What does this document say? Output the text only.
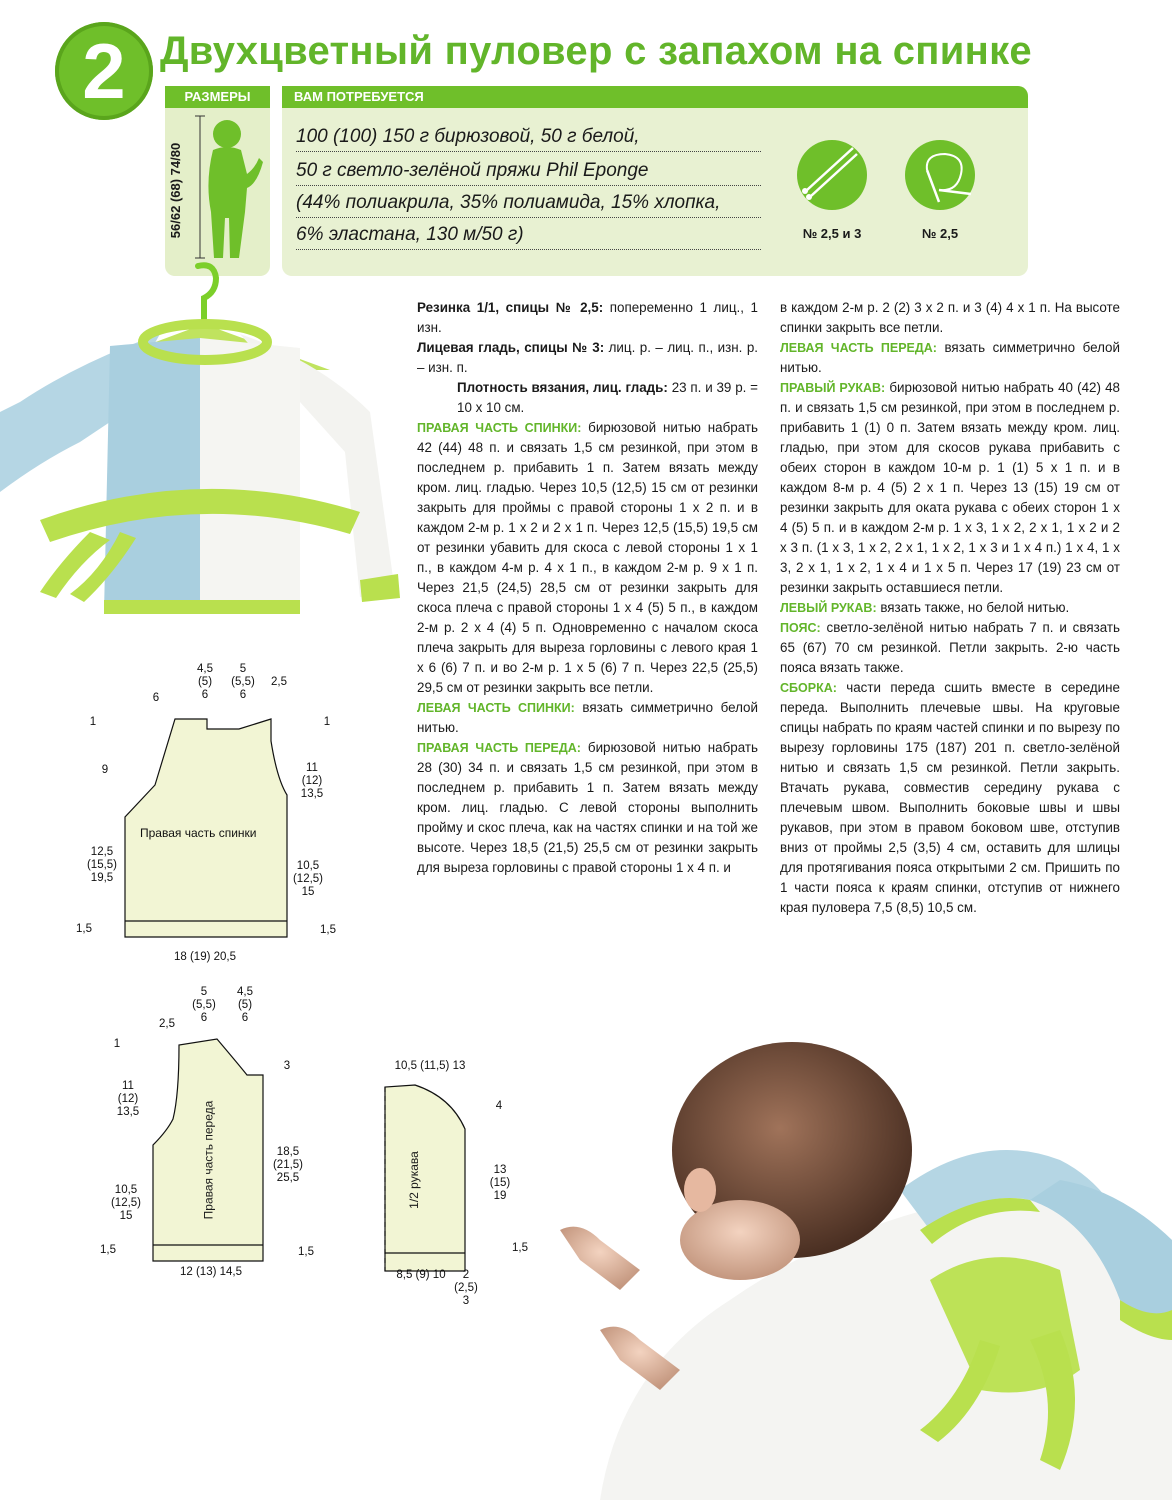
2 Двухцветный пуловер с запахом на спинке
РАЗМЕРЫ
56/62 (68) 74/80
ВАМ ПОТРЕБУЕТСЯ
100 (100) 150 г бирюзовой, 50 г белой,
50 г светло-зелёной пряжи Phil Eponge
(44% полиакрила, 35% полиамида, 15% хлопка,
6% эластана, 130 м/50 г)	№ 2,5 и 3	№ 2,5

Резинка 1/1, спицы № 2,5: попеременно 1 лиц., 1 изн.

Лицевая гладь, спицы № 3: лиц. р. – лиц. п., изн. р. – изн. п.

Плотность вязания, лиц. гладь: 23 п. и 39 р. = 10 х 10 см.

ПРАВАЯ ЧАСТЬ СПИНКИ: бирюзовой нитью набрать 42 (44) 48 п. и связать 1,5 см резинкой, при этом в последнем р. прибавить 1 п. Затем вязать между кром. лиц. гладью. Через 10,5 (12,5) 15 см от резинки закрыть для проймы с правой стороны 1 х 2 п. и в каждом 2-м р. 1 х 2 и 2 х 1 п. Через 12,5 (15,5) 19,5 см от резинки убавить для скоса с левой стороны 1 х 1 п., в каждом 4-м р. 4 х 1 п., в каждом 2-м р. 9 х 1 п. Через 21,5 (24,5) 28,5 см от резинки закрыть для скоса плеча с правой стороны 1 х 4 (5) 5 п., в каждом 2-м р. 2 х 4 (4) 5 п. Одновременно с началом скоса плеча закрыть для выреза горловины с левого края 1 х 6 (6) 7 п. и во 2-м р. 1 х 5 (6) 7 п. Через 22,5 (25,5) 29,5 см от резинки закрыть все петли.

ЛЕВАЯ ЧАСТЬ СПИНКИ: вязать симметрично белой нитью.

ПРАВАЯ ЧАСТЬ ПЕРЕДА: бирюзовой нитью набрать 28 (30) 34 п. и связать 1,5 см резинкой, при этом в последнем р. прибавить 1 п. Затем вязать между кром. лиц. гладью. С левой стороны выполнить пройму и скос плеча, как на частях спинки и на той же высоте. Через 18,5 (21,5) 25,5 см от резинки закрыть для выреза горловины с правой стороны 1 х 4 п. и

в каждом 2-м р. 2 (2) 3 х 2 п. и 3 (4) 4 х 1 п. На высоте спинки закрыть все петли.

ЛЕВАЯ ЧАСТЬ ПЕРЕДА: вязать симметрично белой нитью.

ПРАВЫЙ РУКАВ: бирюзовой нитью набрать 40 (42) 48 п. и связать 1,5 см резинкой, при этом в последнем р. прибавить 1 (1) 0 п. Затем вязать между кром. лиц. гладью, при этом для скосов рукава прибавить с обеих сторон в каждом 10-м р. 1 (1) 5 х 1 п. и в каждом 8-м р. 4 (5) 2 х 1 п. Через 13 (15) 19 см от резинки закрыть для оката рукава с обеих сторон 1 х 4 (5) 5 п. и в каждом 2-м р. 1 х 3, 1 х 2, 2 х 1, 1 х 2 и 2 х 3 п. (1 х 3, 1 х 2, 2 х 1, 1 х 2, 1 х 3 и 1 х 4 п.) 1 х 4, 1 х 3, 2 х 1, 1 х 2, 1 х 4 и 1 х 5 п. Через 17 (19) 23 см от резинки закрыть оставшиеся петли.

ЛЕВЫЙ РУКАВ: вязать также, но белой нитью.

ПОЯС: светло-зелёной нитью набрать 7 п. и связать 65 (67) 70 см резинкой. Петли закрыть. 2-ю часть пояса вязать также.

СБОРКА: части переда сшить вместе в середине переда. Выполнить плечевые швы. На круговые спицы набрать по краям частей спинки и по вырезу по вырезу горловины 175 (187) 201 п. светло-зелёной нитью и связать 1,5 см резинкой. Петли закрыть. Втачать рукава, совместив середину рукава с плечевым швом. Выполнить боковые швы и швы рукавов, при этом в правом боковом шве, отступив вниз от проймы 2,5 (3,5) 4 см, оставить для шлицы для протягивания пояса открытыми 2 см. Пришить по 1 части пояса к краям спинки, отступив от нижнего края пуловера 7,5 (8,5) 10,5 см.

Правая часть спинки
6
4,5
(5)
6
5
(5,5)
6
2,5
1
9
12,5
(15,5)
19,5
1,5
1
11
(12)
13,5
10,5
(12,5)
15
1,5
18 (19) 20,5
Правая часть переда
2,5
5
(5,5)
6
4,5
(5)
6
1
11
(12)
13,5
10,5
(12,5)
15
1,5
3
18,5
(21,5)
25,5
1,5
12 (13) 14,5
1/2 рукава
10,5 (11,5) 13
4
13
(15)
19
1,5
8,5 (9) 10	2
(2,5)
3
